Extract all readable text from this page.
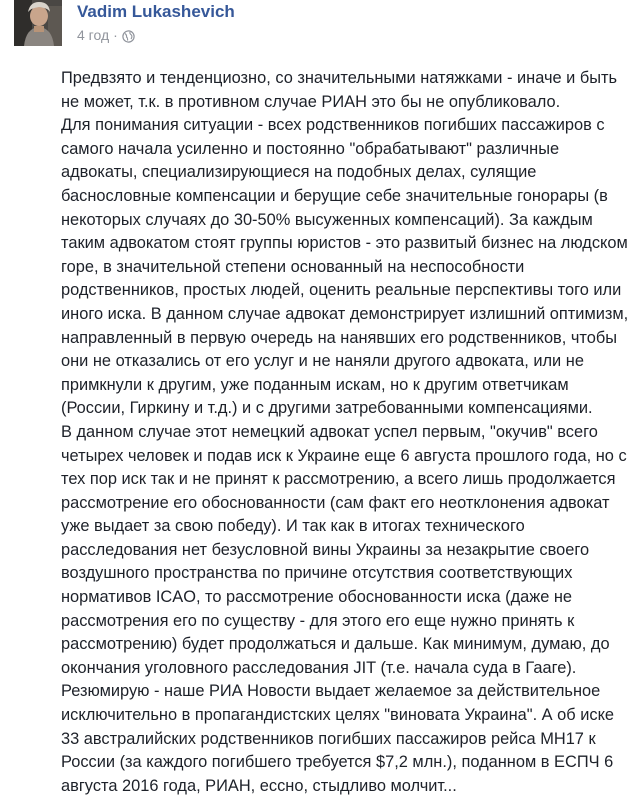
Vadim Lukashevich
4 год ·

Предвзято и тенденциозно, со значительными натяжками - иначе и быть не может, т.к. в противном случае РИАН это бы не опубликовало.

Для понимания ситуации - всех родственников погибших пассажиров с самого начала усиленно и постоянно "обрабатывают" различные адвокаты, специализирующиеся на подобных делах, сулящие баснословные компенсации и берущие себе значительные гонорары (в некоторых случаях до 30-50% высуженных компенсаций). За каждым таким адвокатом стоят группы юристов - это развитый бизнес на людском горе, в значительной степени основанный на неспособности родственников, простых людей, оценить реальные перспективы того или иного иска. В данном случае адвокат демонстрирует излишний оптимизм, направленный в первую очередь на нанявших его родственников, чтобы они не отказались от его услуг и не наняли другого адвоката, или не примкнули к другим, уже поданным искам, но к другим ответчикам (России, Гиркину и т.д.) и с другими затребованными компенсациями.

В данном случае этот немецкий адвокат успел первым, "окучив" всего четырех человек и подав иск к Украине еще 6 августа прошлого года, но с тех пор иск так и не принят к рассмотрению, а всего лишь продолжается рассмотрение его обоснованности (сам факт его неотклонения адвокат уже выдает за свою победу). И так как в итогах технического расследования нет безусловной вины Украины за незакрытие своего воздушного пространства по причине отсутствия соответствующих нормативов ICAO, то рассмотрение обоснованности иска (даже не рассмотрения его по существу - для этого его еще нужно принять к рассмотрению) будет продолжаться и дальше. Как минимум, думаю, до окончания уголовного расследования JIT (т.е. начала суда в Гааге).

Резюмирую - наше РИА Новости выдает желаемое за действительное исключительно в пропагандистских целях "виновата Украина". А об иске 33 австралийских родственников погибших пассажиров рейса МН17 к России (за каждого погибшего требуется $7,2 млн.), поданном в ЕСПЧ 6 августа 2016 года, РИАН, ессно, стыдливо молчит...
